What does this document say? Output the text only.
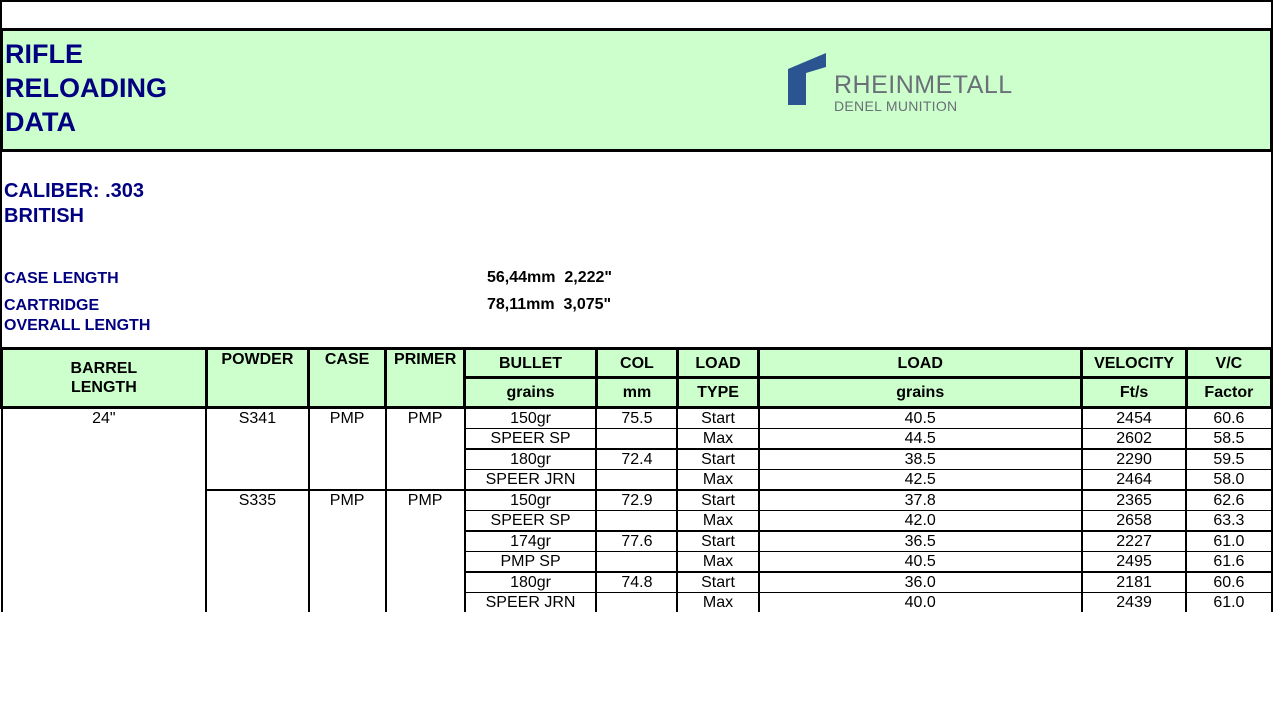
RIFLE
RELOADING
DATA
RHEINMETALL
DENEL MUNITION
CALIBER: .303
BRITISH
CASE LENGTH	56,44mm  2,222"
CARTRIDGE
OVERALL LENGTH
78,11mm  3,075"
BARREL
LENGTH	POWDER	CASE	PRIMER	BULLET	COL	LOAD	LOAD	VELOCITY	V/C
				grains	mm	TYPE	grains	Ft/s	Factor
24"	S341	PMP	PMP	150gr	75.5	Start	40.5	2454	60.6
				SPEER SP		Max	44.5	2602	58.5
				180gr	72.4	Start	38.5	2290	59.5
				SPEER JRN		Max	42.5	2464	58.0
	S335	PMP	PMP	150gr	72.9	Start	37.8	2365	62.6
				SPEER SP		Max	42.0	2658	63.3
				174gr	77.6	Start	36.5	2227	61.0
				PMP SP		Max	40.5	2495	61.6
				180gr	74.8	Start	36.0	2181	60.6
				SPEER JRN		Max	40.0	2439	61.0
